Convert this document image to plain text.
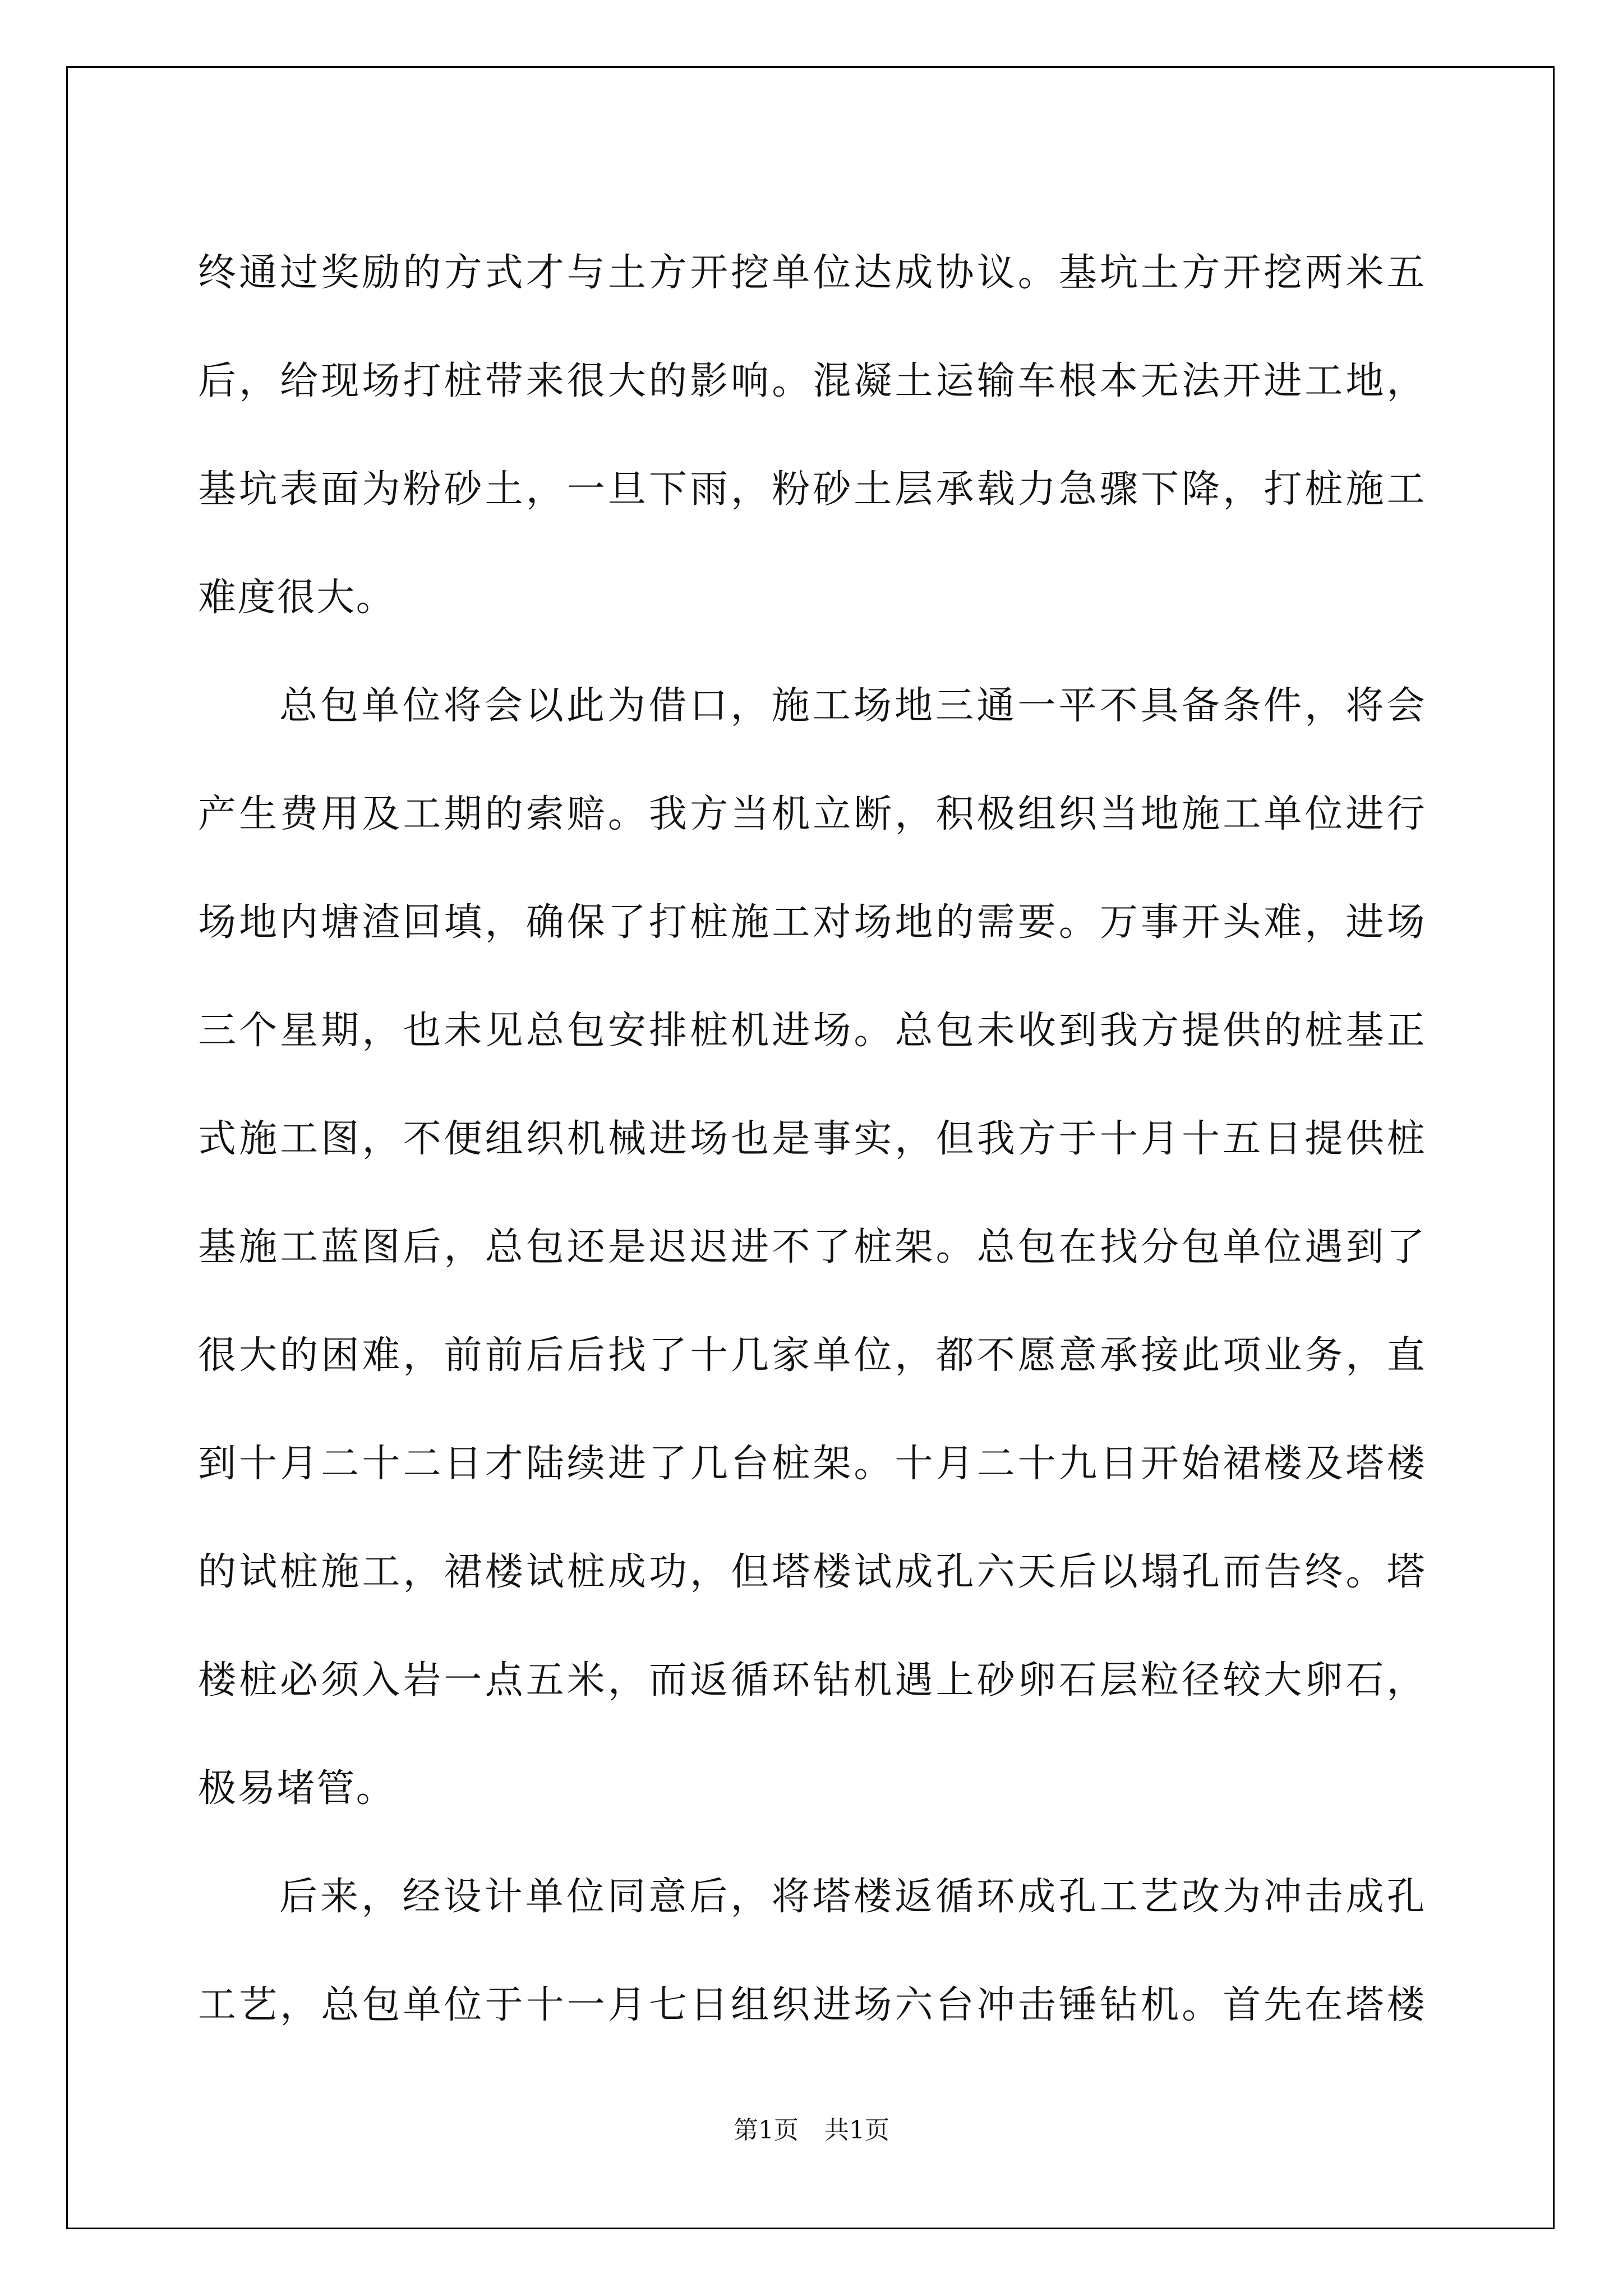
终通过奖励的方式才与土方开挖单位达成协议。基坑土方开挖两米五
后，给现场打桩带来很大的影响。混凝土运输车根本无法开进工地，
基坑表面为粉砂土，一旦下雨，粉砂土层承载力急骤下降，打桩施工
难度很大。

总包单位将会以此为借口，施工场地三通一平不具备条件，将会
产生费用及工期的索赔。我方当机立断，积极组织当地施工单位进行
场地内塘渣回填，确保了打桩施工对场地的需要。万事开头难，进场
三个星期，也未见总包安排桩机进场。总包未收到我方提供的桩基正
式施工图，不便组织机械进场也是事实，但我方于十月十五日提供桩
基施工蓝图后，总包还是迟迟进不了桩架。总包在找分包单位遇到了
很大的困难，前前后后找了十几家单位，都不愿意承接此项业务，直
到十月二十二日才陆续进了几台桩架。十月二十九日开始裙楼及塔楼
的试桩施工，裙楼试桩成功，但塔楼试成孔六天后以塌孔而告终。塔
楼桩必须入岩一点五米，而返循环钻机遇上砂卵石层粒径较大卵石，
极易堵管。

后来，经设计单位同意后，将塔楼返循环成孔工艺改为冲击成孔
工艺，总包单位于十一月七日组织进场六台冲击锤钻机。首先在塔楼

第1页 共1页
